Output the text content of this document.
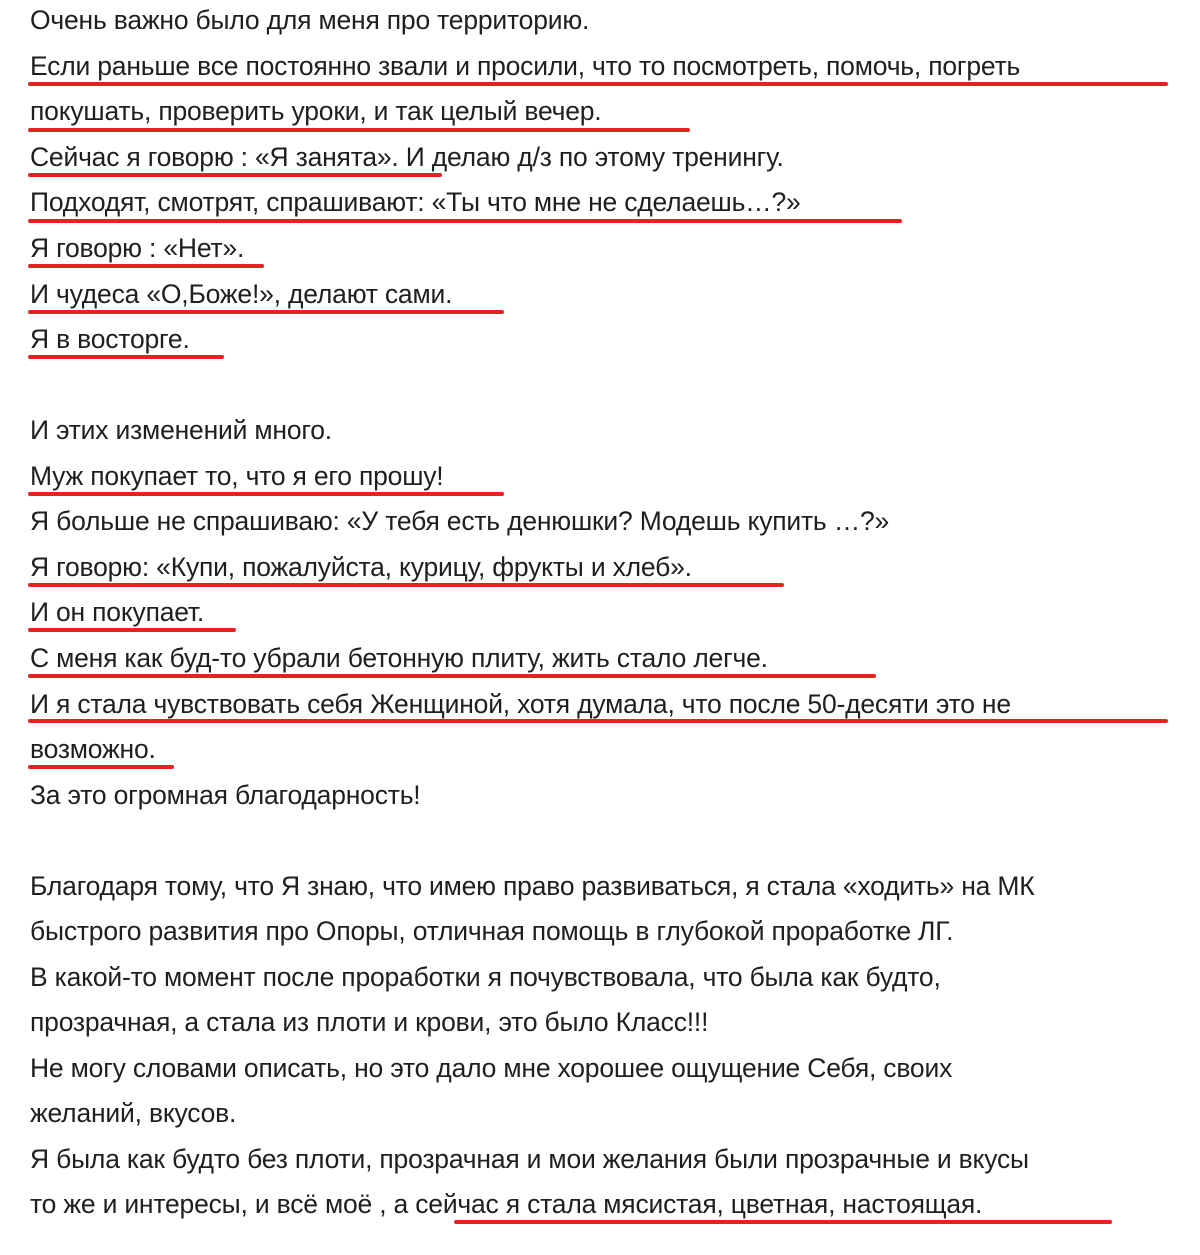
Очень важно было для меня про территорию.
Если раньше все постоянно звали и просили, что то посмотреть, помочь, погреть
покушать, проверить уроки, и так целый вечер.
Сейчас я говорю : «Я занята». И делаю д/з по этому тренингу.
Подходят, смотрят, спрашивают: «Ты что мне не сделаешь…?»
Я говорю : «Нет».
И чудеса «О,Боже!», делают сами.
Я в восторге.
И этих изменений много.
Муж покупает то, что я его прошу!
Я больше не спрашиваю: «У тебя есть денюшки? Модешь купить …?»
Я говорю: «Купи, пожалуйста, курицу, фрукты и хлеб».
И он покупает.
С меня как буд-то убрали бетонную плиту, жить стало легче.
И я стала чувствовать себя Женщиной, хотя думала, что после 50-десяти это не
возможно.
За это огромная благодарность!
Благодаря тому, что Я знаю, что имею право развиваться, я стала «ходить» на МК
быстрого развития про Опоры, отличная помощь в глубокой проработке ЛГ.
В какой-то момент после проработки я почувствовала, что была как будто,
прозрачная, а стала из плоти и крови, это было Класс!!!
Не могу словами описать, но это дало мне хорошее ощущение Себя, своих
желаний, вкусов.
Я была как будто без плоти, прозрачная и мои желания были прозрачные и вкусы
то же и интересы, и всё моё , а сейчас я стала мясистая, цветная, настоящая.
